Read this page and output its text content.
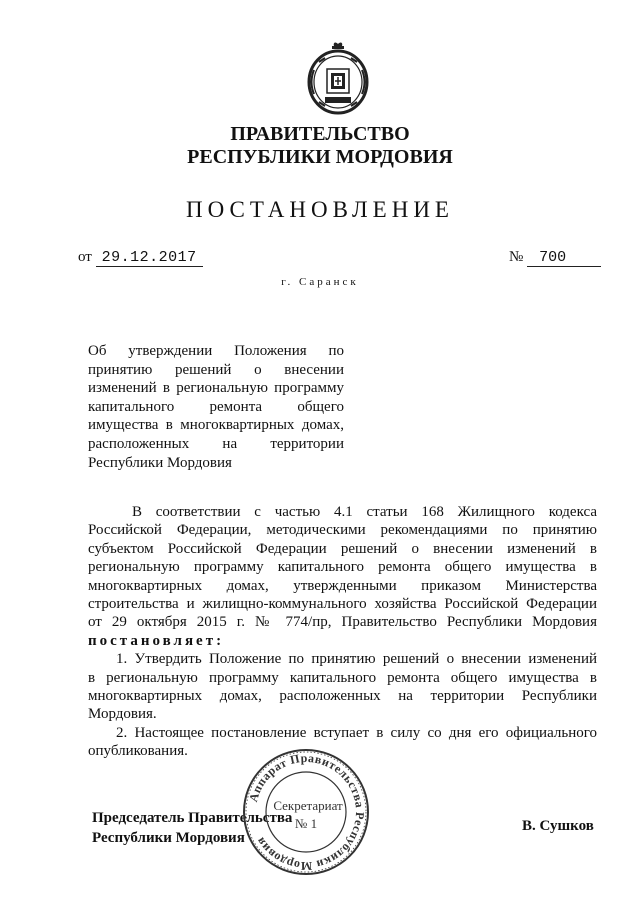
ПРАВИТЕЛЬСТВО
РЕСПУБЛИКИ МОРДОВИЯ
ПОСТАНОВЛЕНИЕ
от 29.12.2017	№ 700
г. Саранск
Об утверждении Положения по
принятию решений о внесении
изменений в региональную программу
капитального ремонта общего
имущества в многоквартирных домах,
расположенных на территории
Республики Мордовия
В соответствии с частью 4.1 статьи 168 Жилищного кодекса
Российской Федерации, методическими рекомендациями по принятию
субъектом Российской Федерации решений о внесении изменений в
региональную программу капитального ремонта общего имущества в
многоквартирных домах, утвержденными приказом Министерства
строительства и жилищно-коммунального хозяйства Российской Федерации
от 29 октября 2015 г. № 774/пр, Правительство Республики Мордовия
постановляет:
1. Утвердить Положение по принятию решений о внесении изменений
в региональную программу капитального ремонта общего имущества в
многоквартирных домах, расположенных на территории Республики
Мордовия.
2. Настоящее постановление вступает в силу со дня его официального
опубликования.
Председатель Правительства
Республики Мордовия
В. Сушков
Аппарат Правительства Республики Мордовия
Секретариат
№ 1
